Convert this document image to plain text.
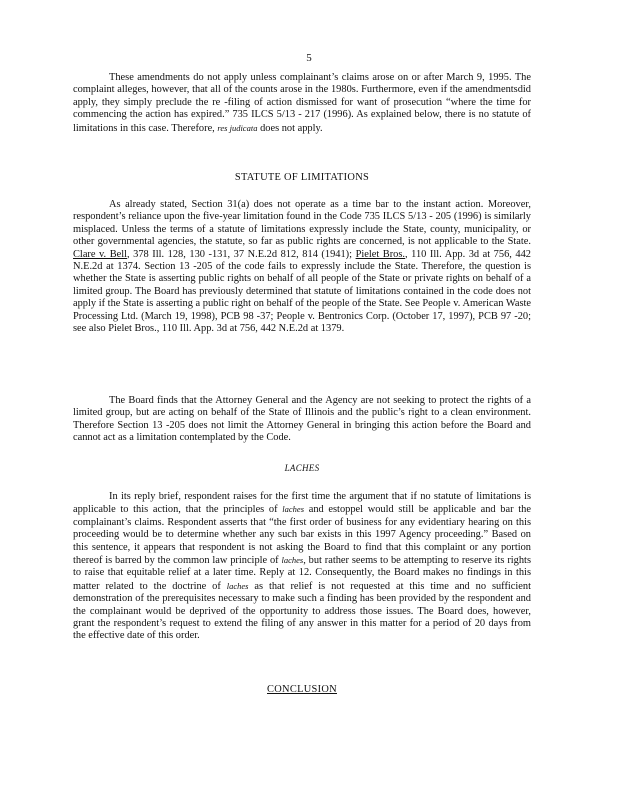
5

These amendments do not apply unless complainant’s claims arose on or after March 9, 1995. The complaint alleges, however, that all of the counts arose in the 1980s. Furthermore, even if the amendmentsdid apply, they simply preclude the re -filing of action dismissed for want of prosecution “where the time for commencing the action has expired.” 735 ILCS 5/13 - 217 (1996). As explained below, there is no statute of limitations in this case. Therefore, res judicata does not apply.

STATUTE OF LIMITATIONS

As already stated, Section 31(a) does not operate as a time bar to the instant action. Moreover, respondent’s reliance upon the five-year limitation found in the Code 735 ILCS 5/13 - 205 (1996) is similarly misplaced. Unless the terms of a statute of limitations expressly include the State, county, municipality, or other governmental agencies, the statute, so far as public rights are concerned, is not applicable to the State. Clare v. Bell, 378 Ill. 128, 130 -131, 37 N.E.2d 812, 814 (1941); Pielet Bros., 110 Ill. App. 3d at 756, 442 N.E.2d at 1374. Section 13 -205 of the code fails to expressly include the State. Therefore, the question is whether the State is asserting public rights on behalf of all people of the State or private rights on behalf of a limited group. The Board has previously determined that statute of limitations contained in the code does not apply if the State is asserting a public right on behalf of the people of the State. See People v. American Waste Processing Ltd. (March 19, 1998), PCB 98 -37; People v. Bentronics Corp. (October 17, 1997), PCB 97 -20; see also Pielet Bros., 110 Ill. App. 3d at 756, 442 N.E.2d at 1379.

The Board finds that the Attorney General and the Agency are not seeking to protect the rights of a limited group, but are acting on behalf of the State of Illinois and the public’s right to a clean environment. Therefore Section 13 -205 does not limit the Attorney General in bringing this action before the Board and cannot act as a limitation contemplated by the Code.

LACHES

In its reply brief, respondent raises for the first time the argument that if no statute of limitations is applicable to this action, that the principles of laches and estoppel would still be applicable and bar the complainant’s claims. Respondent asserts that “the first order of business for any evidentiary hearing on this proceeding would be to determine whether any such bar exists in this 1997 Agency proceeding.” Based on this sentence, it appears that respondent is not asking the Board to find that this complaint or any portion thereof is barred by the common law principle of laches, but rather seems to be attempting to reserve its rights to raise that equitable relief at a later time. Reply at 12. Consequently, the Board makes no findings in this matter related to the doctrine of laches as that relief is not requested at this time and no sufficient demonstration of the prerequisites necessary to make such a finding has been provided by the respondent and the complainant would be deprived of the opportunity to address those issues. The Board does, however, grant the respondent’s request to extend the filing of any answer in this matter for a period of 20 days from the effective date of this order.

CONCLUSION
